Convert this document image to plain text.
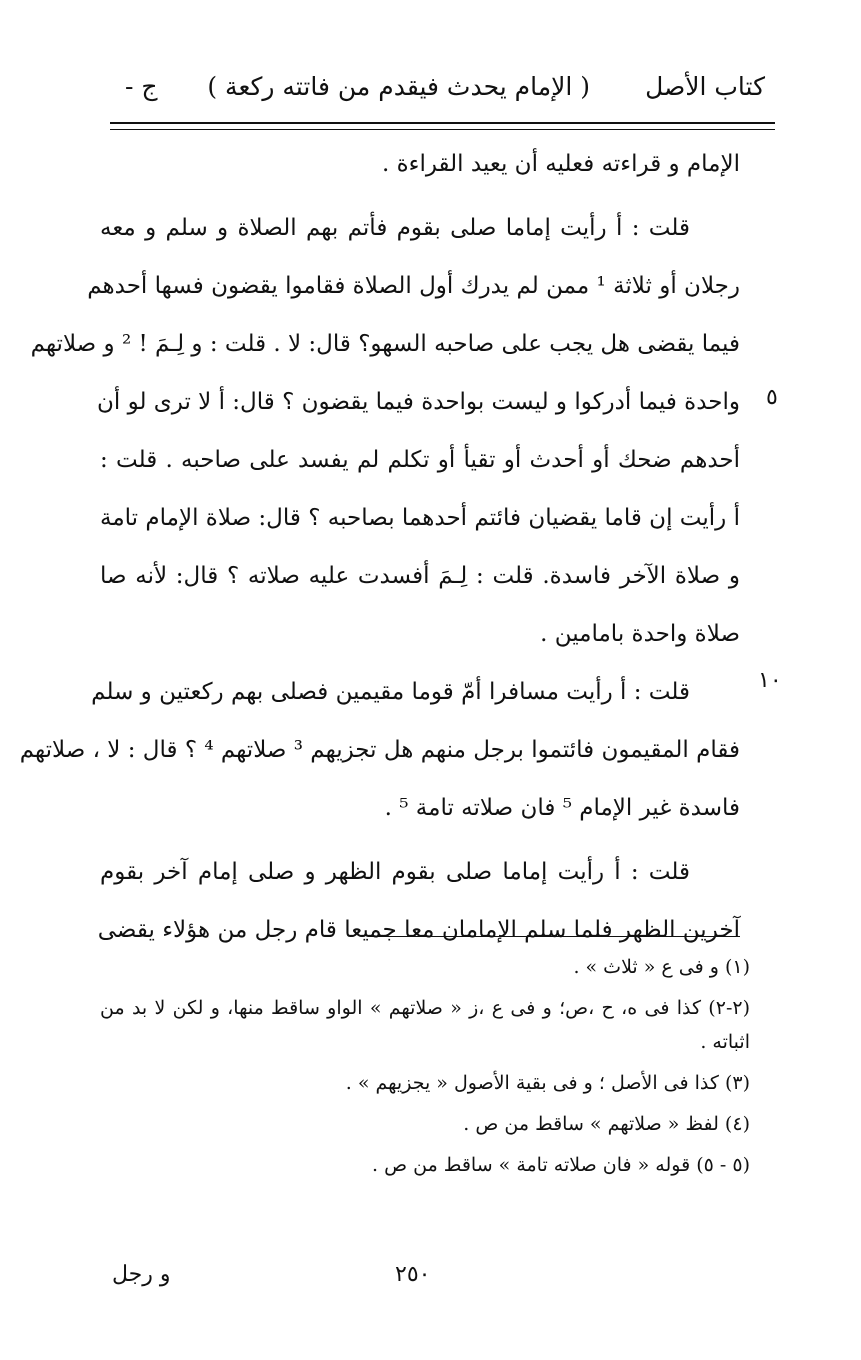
كتاب الأصل
( الإمام يحدث فيقدم من فاتته ركعة )
ج -
الإمام و قراءته فعليه أن يعيد القراءة .
قلت : أ رأيت إماما صلى بقوم فأتم بهم الصلاة و سلم و معه
رجلان أو ثلاثة ¹ ممن لم يدرك أول الصلاة فقاموا يقضون فسها أحدهم
فيما يقضى هل يجب على صاحبه السهو؟ قال: لا . قلت : و لِـمَ ! ² و صلاتهم
واحدة فيما أدركوا و ليست بواحدة فيما يقضون ؟ قال: أ لا ترى لو أن
أحدهم ضحك أو أحدث أو تقيأ أو تكلم لم يفسد على صاحبه . قلت :
أ رأيت إن قاما يقضيان فائتم أحدهما بصاحبه ؟ قال: صلاة الإمام تامة
و صلاة الآخر فاسدة. قلت : لِـمَ أفسدت عليه صلاته ؟ قال: لأنه صا
صلاة واحدة بامامين .
قلت : أ رأيت مسافرا أمّ قوما مقيمين فصلى بهم ركعتين و سلم
فقام المقيمون فائتموا برجل منهم هل تجزيهم ³ صلاتهم ⁴ ؟ قال : لا ، صلاتهم
فاسدة غير الإمام ⁵ فان صلاته تامة ⁵ .
قلت : أ رأيت إماما صلى بقوم الظهر و صلى إمام آخر بقوم
آخرين الظهر فلما سلم الإمامان معا جميعا قام رجل من هؤلاء يقضى
٥
١٠
(١) و فى ع « ثلاث » .
(٢-٢) كذا فى ه، ح ،ص؛ و فى ع ،ز « صلاتهم » الواو ساقط منها، و لكن لا بد من اثباته .
(٣) كذا فى الأصل ؛ و فى بقية الأصول « يجزيهم » .
(٤) لفظ « صلاتهم » ساقط من ص .
(٥ - ٥) قوله « فان صلاته تامة » ساقط من ص .
٢٥٠
و رجل
